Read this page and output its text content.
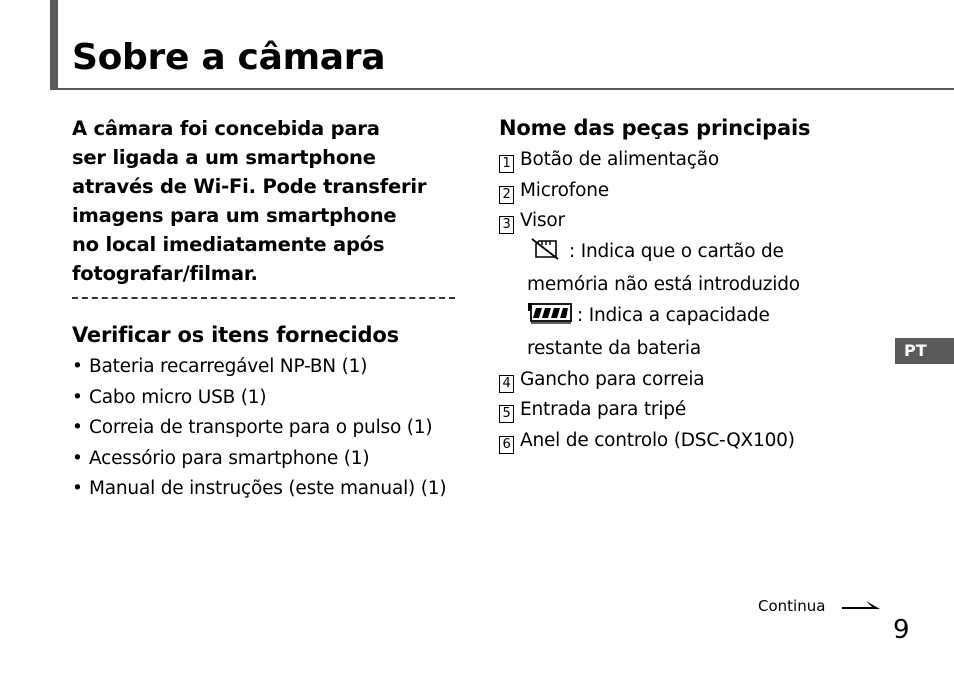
Sobre a câmara

A câmara foi concebida para
ser ligada a um smartphone
através de Wi-Fi. Pode transferir
imagens para um smartphone
no local imediatamente após
fotografar/filmar.

Verificar os itens fornecidos
• Bateria recarregável NP-BN (1)
• Cabo micro USB (1)
• Correia de transporte para o pulso (1)
• Acessório para smartphone (1)
• Manual de instruções (este manual) (1)
Nome das peças principais
1 Botão de alimentação
2 Microfone
3 Visor
: Indica que o cartão de
memória não está introduzido
: Indica a capacidade
restante da bateria
4 Gancho para correia
5 Entrada para tripé
6 Anel de controlo (DSC-QX100)
PT
Continua
9
